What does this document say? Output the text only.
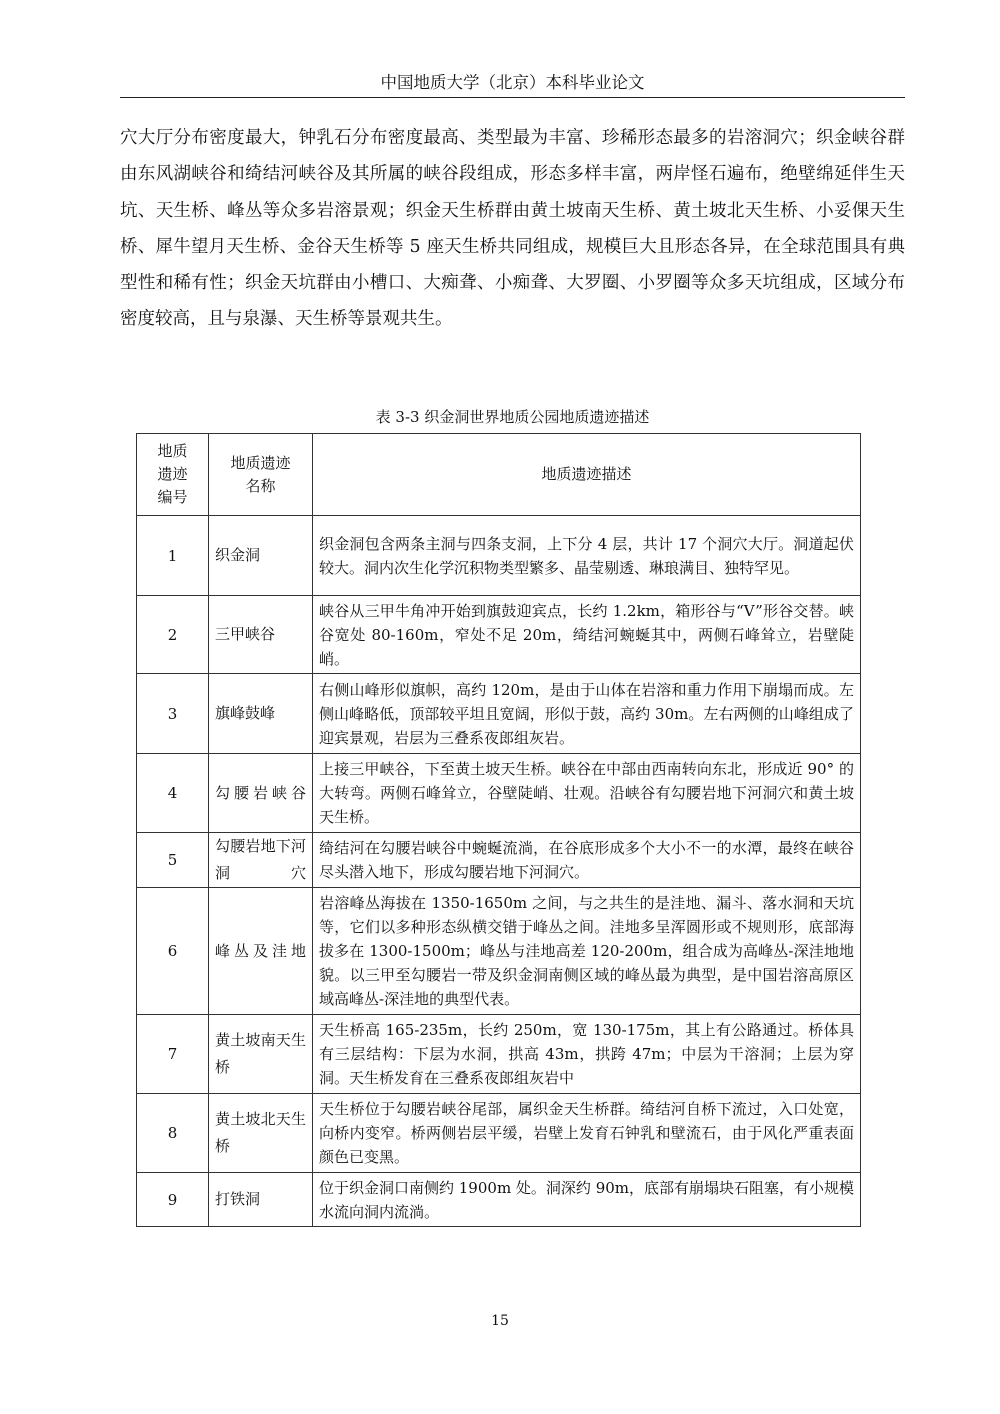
中国地质大学（北京）本科毕业论文
穴大厅分布密度最大，钟乳石分布密度最高、类型最为丰富、珍稀形态最多的岩溶洞穴；织金峡谷群由东风湖峡谷和绮结河峡谷及其所属的峡谷段组成，形态多样丰富，两岸怪石遍布，绝壁绵延伴生天坑、天生桥、峰丛等众多岩溶景观；织金天生桥群由黄土坡南天生桥、黄土坡北天生桥、小妥倮天生桥、犀牛望月天生桥、金谷天生桥等 5 座天生桥共同组成，规模巨大且形态各异，在全球范围具有典型性和稀有性；织金天坑群由小槽口、大痴聋、小痴聋、大罗圈、小罗圈等众多天坑组成，区域分布密度较高，且与泉瀑、天生桥等景观共生。
表 3-3 织金洞世界地质公园地质遗迹描述
地质遗迹编号	地质遗迹名称	地质遗迹描述
1	织金洞	织金洞包含两条主洞与四条支洞，上下分 4 层，共计 17 个洞穴大厅。洞道起伏较大。洞内次生化学沉积物类型繁多、晶莹剔透、琳琅满目、独特罕见。
2	三甲峡谷	峡谷从三甲牛角冲开始到旗鼓迎宾点，长约 1.2km，箱形谷与“V”形谷交替。峡谷宽处 80-160m，窄处不足 20m，绮结河蜿蜒其中，两侧石峰耸立，岩壁陡峭。
3	旗峰鼓峰	右侧山峰形似旗帜，高约 120m，是由于山体在岩溶和重力作用下崩塌而成。左侧山峰略低，顶部较平坦且宽阔，形似于鼓，高约 30m。左右两侧的山峰组成了迎宾景观，岩层为三叠系夜郎组灰岩。
4	勾腰岩峡谷	上接三甲峡谷，下至黄土坡天生桥。峡谷在中部由西南转向东北，形成近 90° 的大转弯。两侧石峰耸立，谷壁陡峭、壮观。沿峡谷有勾腰岩地下河洞穴和黄土坡天生桥。
5	勾腰岩地下河洞穴	绮结河在勾腰岩峡谷中蜿蜒流淌，在谷底形成多个大小不一的水潭，最终在峡谷尽头潜入地下，形成勾腰岩地下河洞穴。
6	峰丛及洼地	岩溶峰丛海拔在 1350-1650m 之间，与之共生的是洼地、漏斗、落水洞和天坑等，它们以多种形态纵横交错于峰丛之间。洼地多呈浑圆形或不规则形，底部海拔多在 1300-1500m；峰丛与洼地高差 120-200m，组合成为高峰丛-深洼地地貌。以三甲至勾腰岩一带及织金洞南侧区域的峰丛最为典型，是中国岩溶高原区域高峰丛-深洼地的典型代表。
7	黄土坡南天生桥	天生桥高 165-235m，长约 250m，宽 130-175m，其上有公路通过。桥体具有三层结构：下层为水洞，拱高 43m，拱跨 47m；中层为干溶洞；上层为穿洞。天生桥发育在三叠系夜郎组灰岩中
8	黄土坡北天生桥	天生桥位于勾腰岩峡谷尾部，属织金天生桥群。绮结河自桥下流过，入口处宽，向桥内变窄。桥两侧岩层平缓，岩壁上发育石钟乳和壁流石，由于风化严重表面颜色已变黑。
9	打铁洞	位于织金洞口南侧约 1900m 处。洞深约 90m，底部有崩塌块石阻塞，有小规模水流向洞内流淌。
15
